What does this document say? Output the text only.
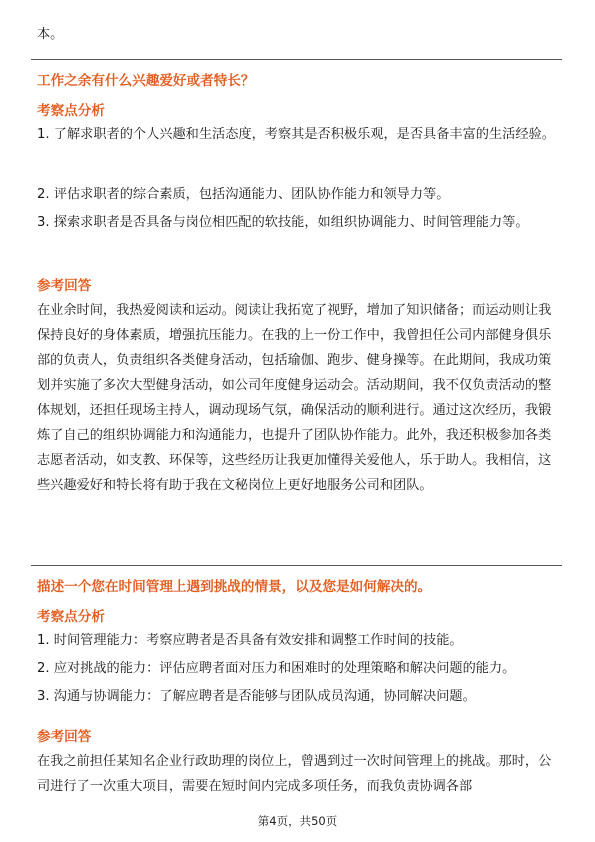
本。

工作之余有什么兴趣爱好或者特长？

考察点分析

1. 了解求职者的个人兴趣和生活态度，考察其是否积极乐观，是否具备丰富的生活经验。

2. 评估求职者的综合素质，包括沟通能力、团队协作能力和领导力等。

3. 探索求职者是否具备与岗位相匹配的软技能，如组织协调能力、时间管理能力等。

参考回答

在业余时间，我热爱阅读和运动。阅读让我拓宽了视野，增加了知识储备；而运动则让我保持良好的身体素质，增强抗压能力。在我的上一份工作中，我曾担任公司内部健身俱乐部的负责人，负责组织各类健身活动，包括瑜伽、跑步、健身操等。在此期间，我成功策划并实施了多次大型健身活动，如公司年度健身运动会。活动期间，我不仅负责活动的整体规划，还担任现场主持人，调动现场气氛，确保活动的顺利进行。通过这次经历，我锻炼了自己的组织协调能力和沟通能力，也提升了团队协作能力。此外，我还积极参加各类志愿者活动，如支教、环保等，这些经历让我更加懂得关爱他人，乐于助人。我相信，这些兴趣爱好和特长将有助于我在文秘岗位上更好地服务公司和团队。

描述一个您在时间管理上遇到挑战的情景，以及您是如何解决的。

考察点分析

1. 时间管理能力：考察应聘者是否具备有效安排和调整工作时间的技能。

2. 应对挑战的能力：评估应聘者面对压力和困难时的处理策略和解决问题的能力。

3. 沟通与协调能力：了解应聘者是否能够与团队成员沟通，协同解决问题。

参考回答

在我之前担任某知名企业行政助理的岗位上，曾遇到过一次时间管理上的挑战。那时，公司进行了一次重大项目，需要在短时间内完成多项任务，而我负责协调各部

第4页，共50页
